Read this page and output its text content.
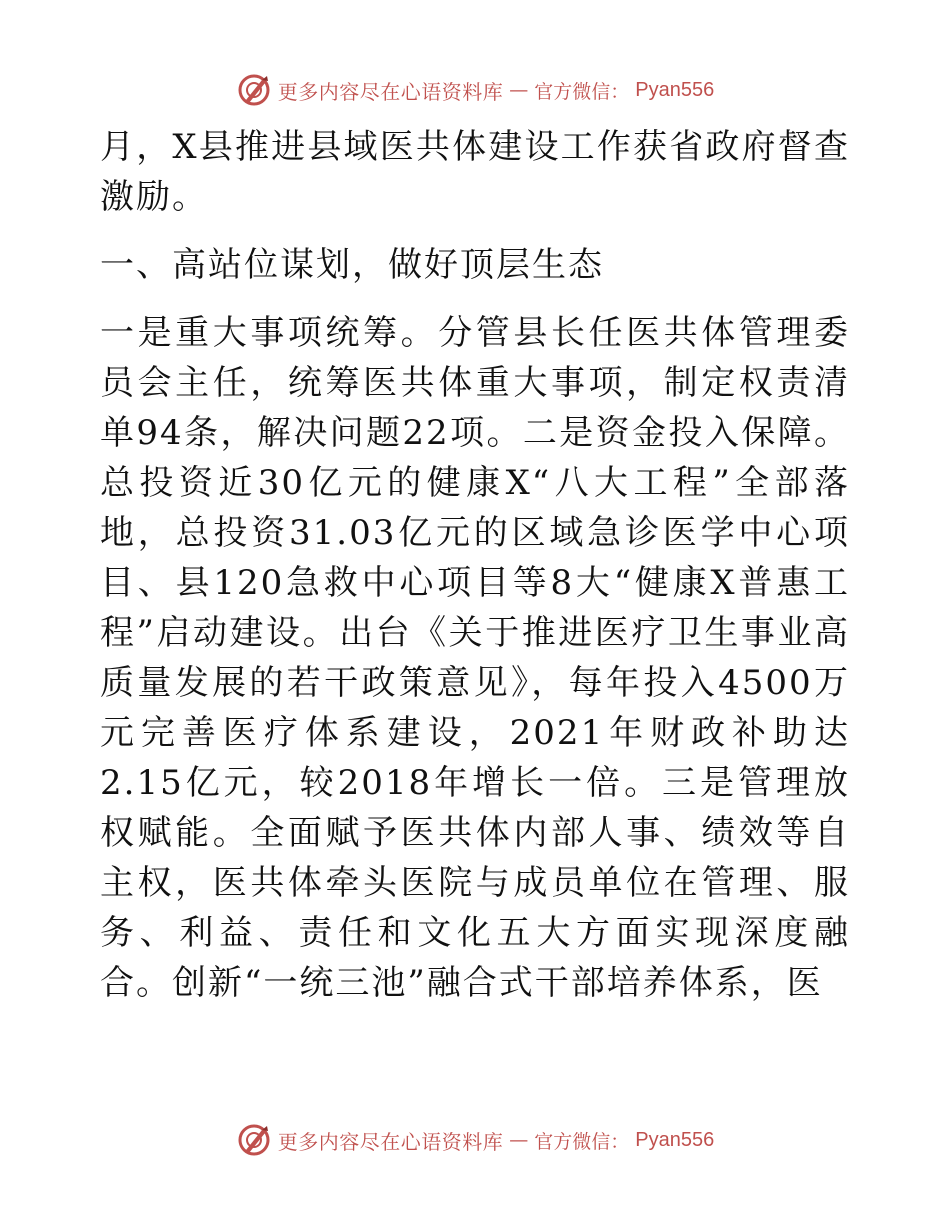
更多内容尽在心语资料库 — 官方微信： Pyan556

月，X县推进县域医共体建设工作获省政府督查激励。

一、高站位谋划，做好顶层生态

一是重大事项统筹。分管县长任医共体管理委员会主任，统筹医共体重大事项，制定权责清单94条，解决问题22项。二是资金投入保障。总投资近30亿元的健康X“八大工程”全部落地，总投资31.03亿元的区域急诊医学中心项目、县120急救中心项目等8大“健康X普惠工程”启动建设。出台《关于推进医疗卫生事业高质量发展的若干政策意见》，每年投入4500万元完善医疗体系建设，2021年财政补助达2.15亿元，较2018年增长一倍。三是管理放权赋能。全面赋予医共体内部人事、绩效等自主权，医共体牵头医院与成员单位在管理、服务、利益、责任和文化五大方面实现深度融合。创新“一统三池”融合式干部培养体系，医

更多内容尽在心语资料库 — 官方微信： Pyan556
